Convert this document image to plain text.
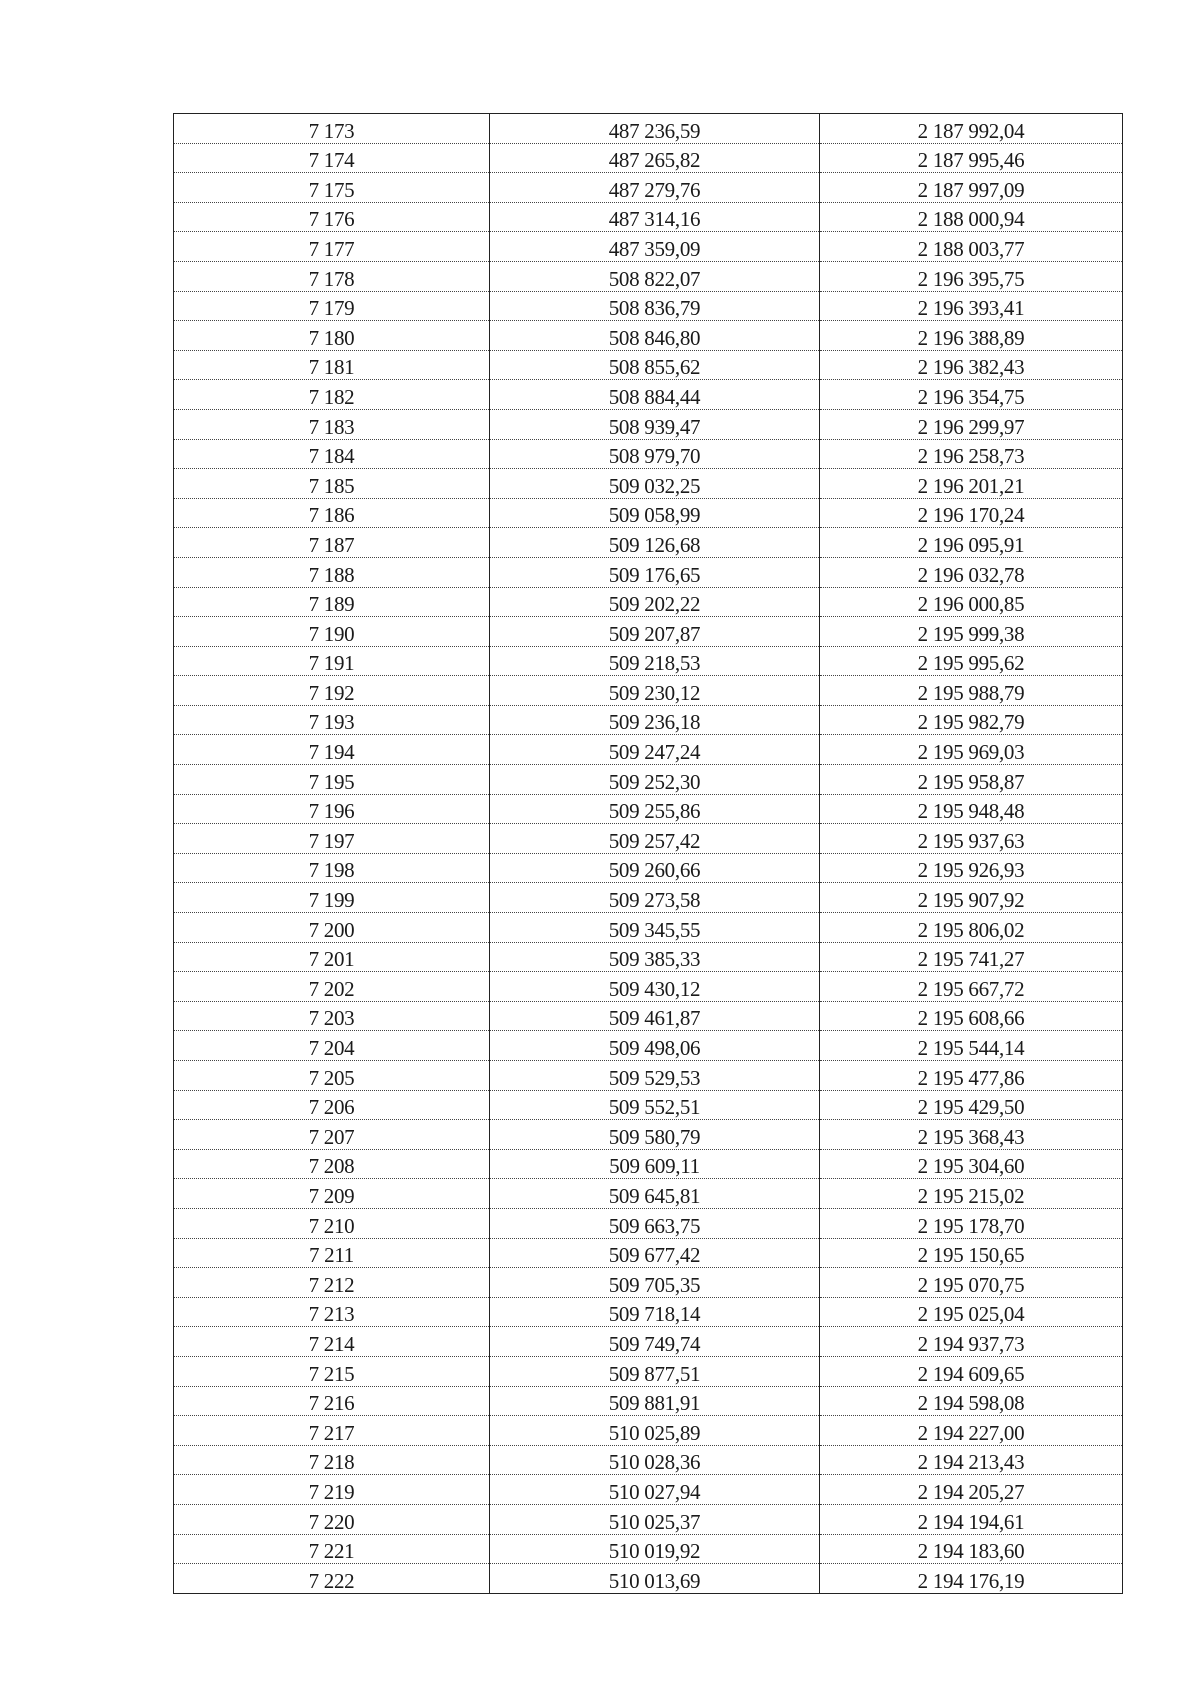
7 173	487 236,59	2 187 992,04
7 174	487 265,82	2 187 995,46
7 175	487 279,76	2 187 997,09
7 176	487 314,16	2 188 000,94
7 177	487 359,09	2 188 003,77
7 178	508 822,07	2 196 395,75
7 179	508 836,79	2 196 393,41
7 180	508 846,80	2 196 388,89
7 181	508 855,62	2 196 382,43
7 182	508 884,44	2 196 354,75
7 183	508 939,47	2 196 299,97
7 184	508 979,70	2 196 258,73
7 185	509 032,25	2 196 201,21
7 186	509 058,99	2 196 170,24
7 187	509 126,68	2 196 095,91
7 188	509 176,65	2 196 032,78
7 189	509 202,22	2 196 000,85
7 190	509 207,87	2 195 999,38
7 191	509 218,53	2 195 995,62
7 192	509 230,12	2 195 988,79
7 193	509 236,18	2 195 982,79
7 194	509 247,24	2 195 969,03
7 195	509 252,30	2 195 958,87
7 196	509 255,86	2 195 948,48
7 197	509 257,42	2 195 937,63
7 198	509 260,66	2 195 926,93
7 199	509 273,58	2 195 907,92
7 200	509 345,55	2 195 806,02
7 201	509 385,33	2 195 741,27
7 202	509 430,12	2 195 667,72
7 203	509 461,87	2 195 608,66
7 204	509 498,06	2 195 544,14
7 205	509 529,53	2 195 477,86
7 206	509 552,51	2 195 429,50
7 207	509 580,79	2 195 368,43
7 208	509 609,11	2 195 304,60
7 209	509 645,81	2 195 215,02
7 210	509 663,75	2 195 178,70
7 211	509 677,42	2 195 150,65
7 212	509 705,35	2 195 070,75
7 213	509 718,14	2 195 025,04
7 214	509 749,74	2 194 937,73
7 215	509 877,51	2 194 609,65
7 216	509 881,91	2 194 598,08
7 217	510 025,89	2 194 227,00
7 218	510 028,36	2 194 213,43
7 219	510 027,94	2 194 205,27
7 220	510 025,37	2 194 194,61
7 221	510 019,92	2 194 183,60
7 222	510 013,69	2 194 176,19
